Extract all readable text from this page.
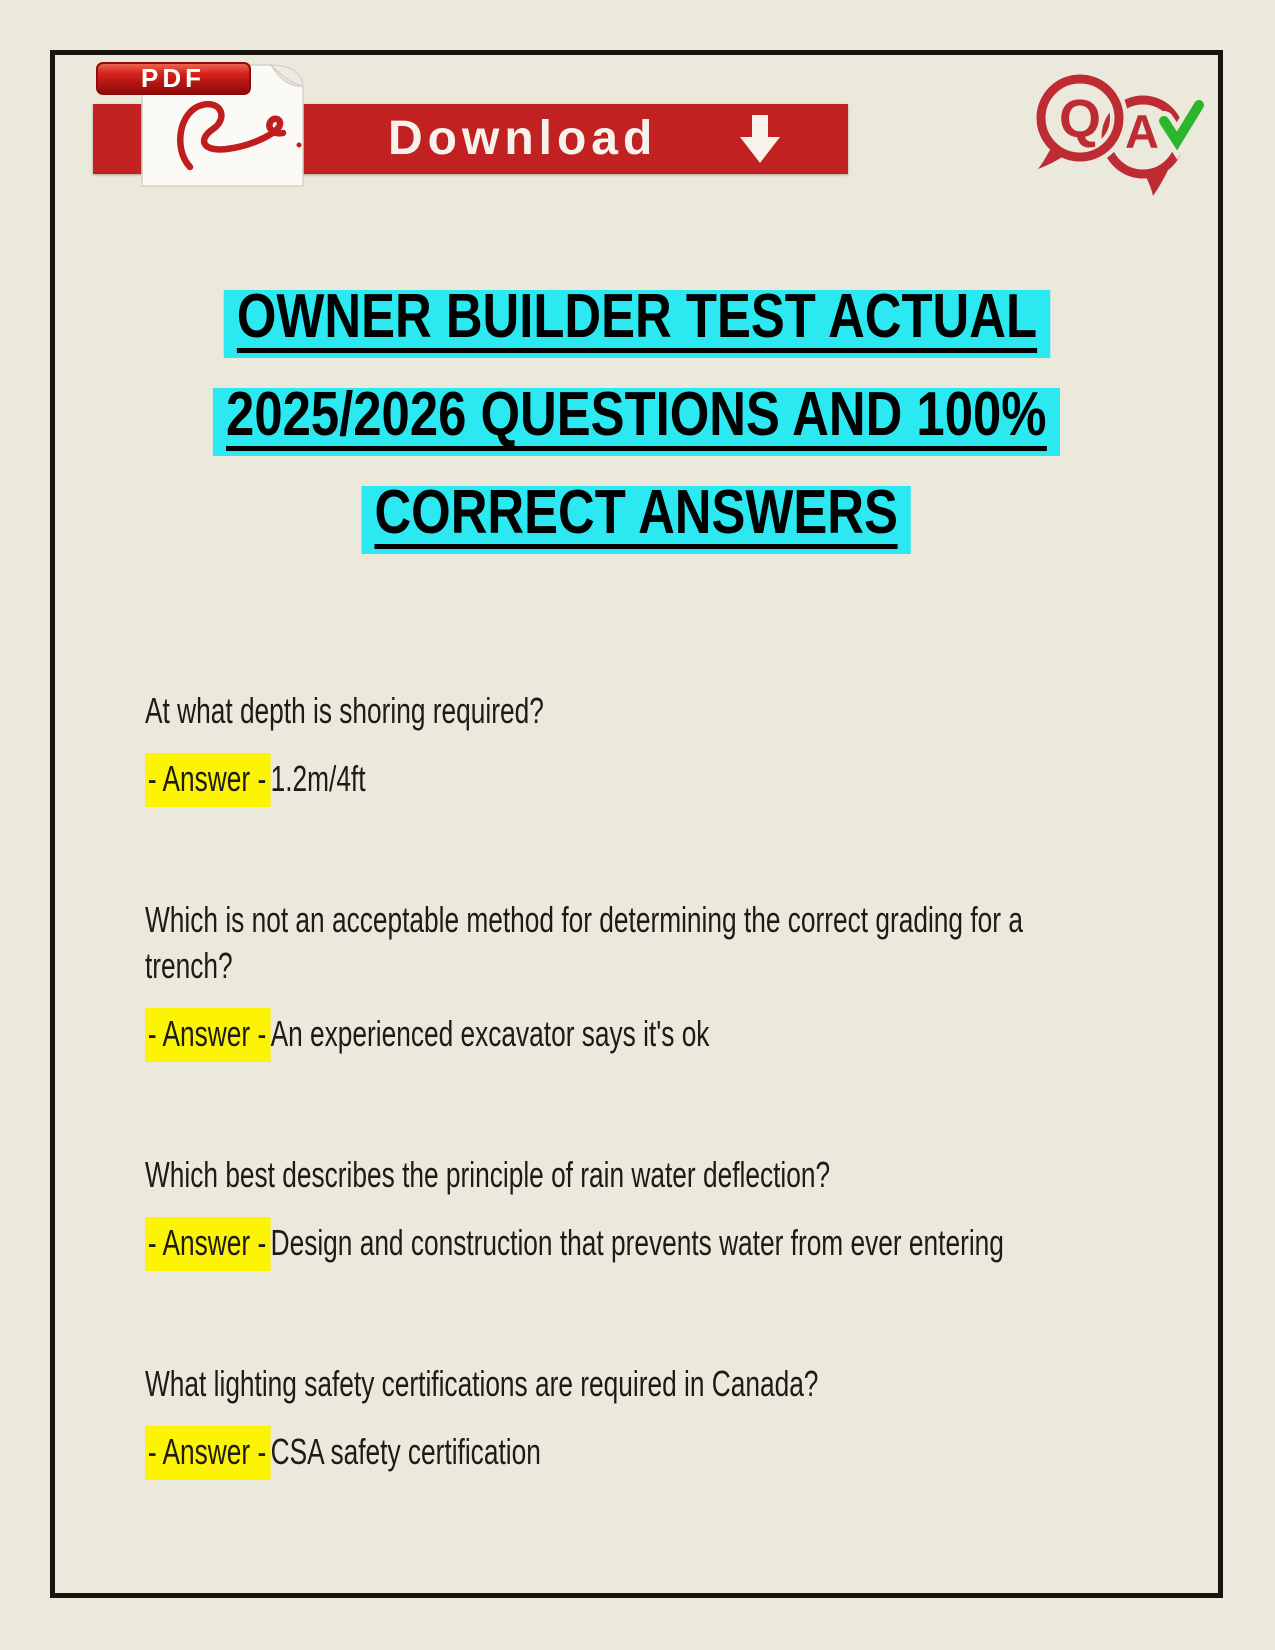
Download
PDF
Q A
OWNER BUILDER TEST ACTUAL
2025/2026 QUESTIONS AND 100%
CORRECT ANSWERS

At what depth is shoring required?

- Answer - 1.2m/4ft

Which is not an acceptable method for determining the correct grading for a trench?

- Answer - An experienced excavator says it's ok

Which best describes the principle of rain water deflection?

- Answer - Design and construction that prevents water from ever entering

What lighting safety certifications are required in Canada?

- Answer - CSA safety certification
